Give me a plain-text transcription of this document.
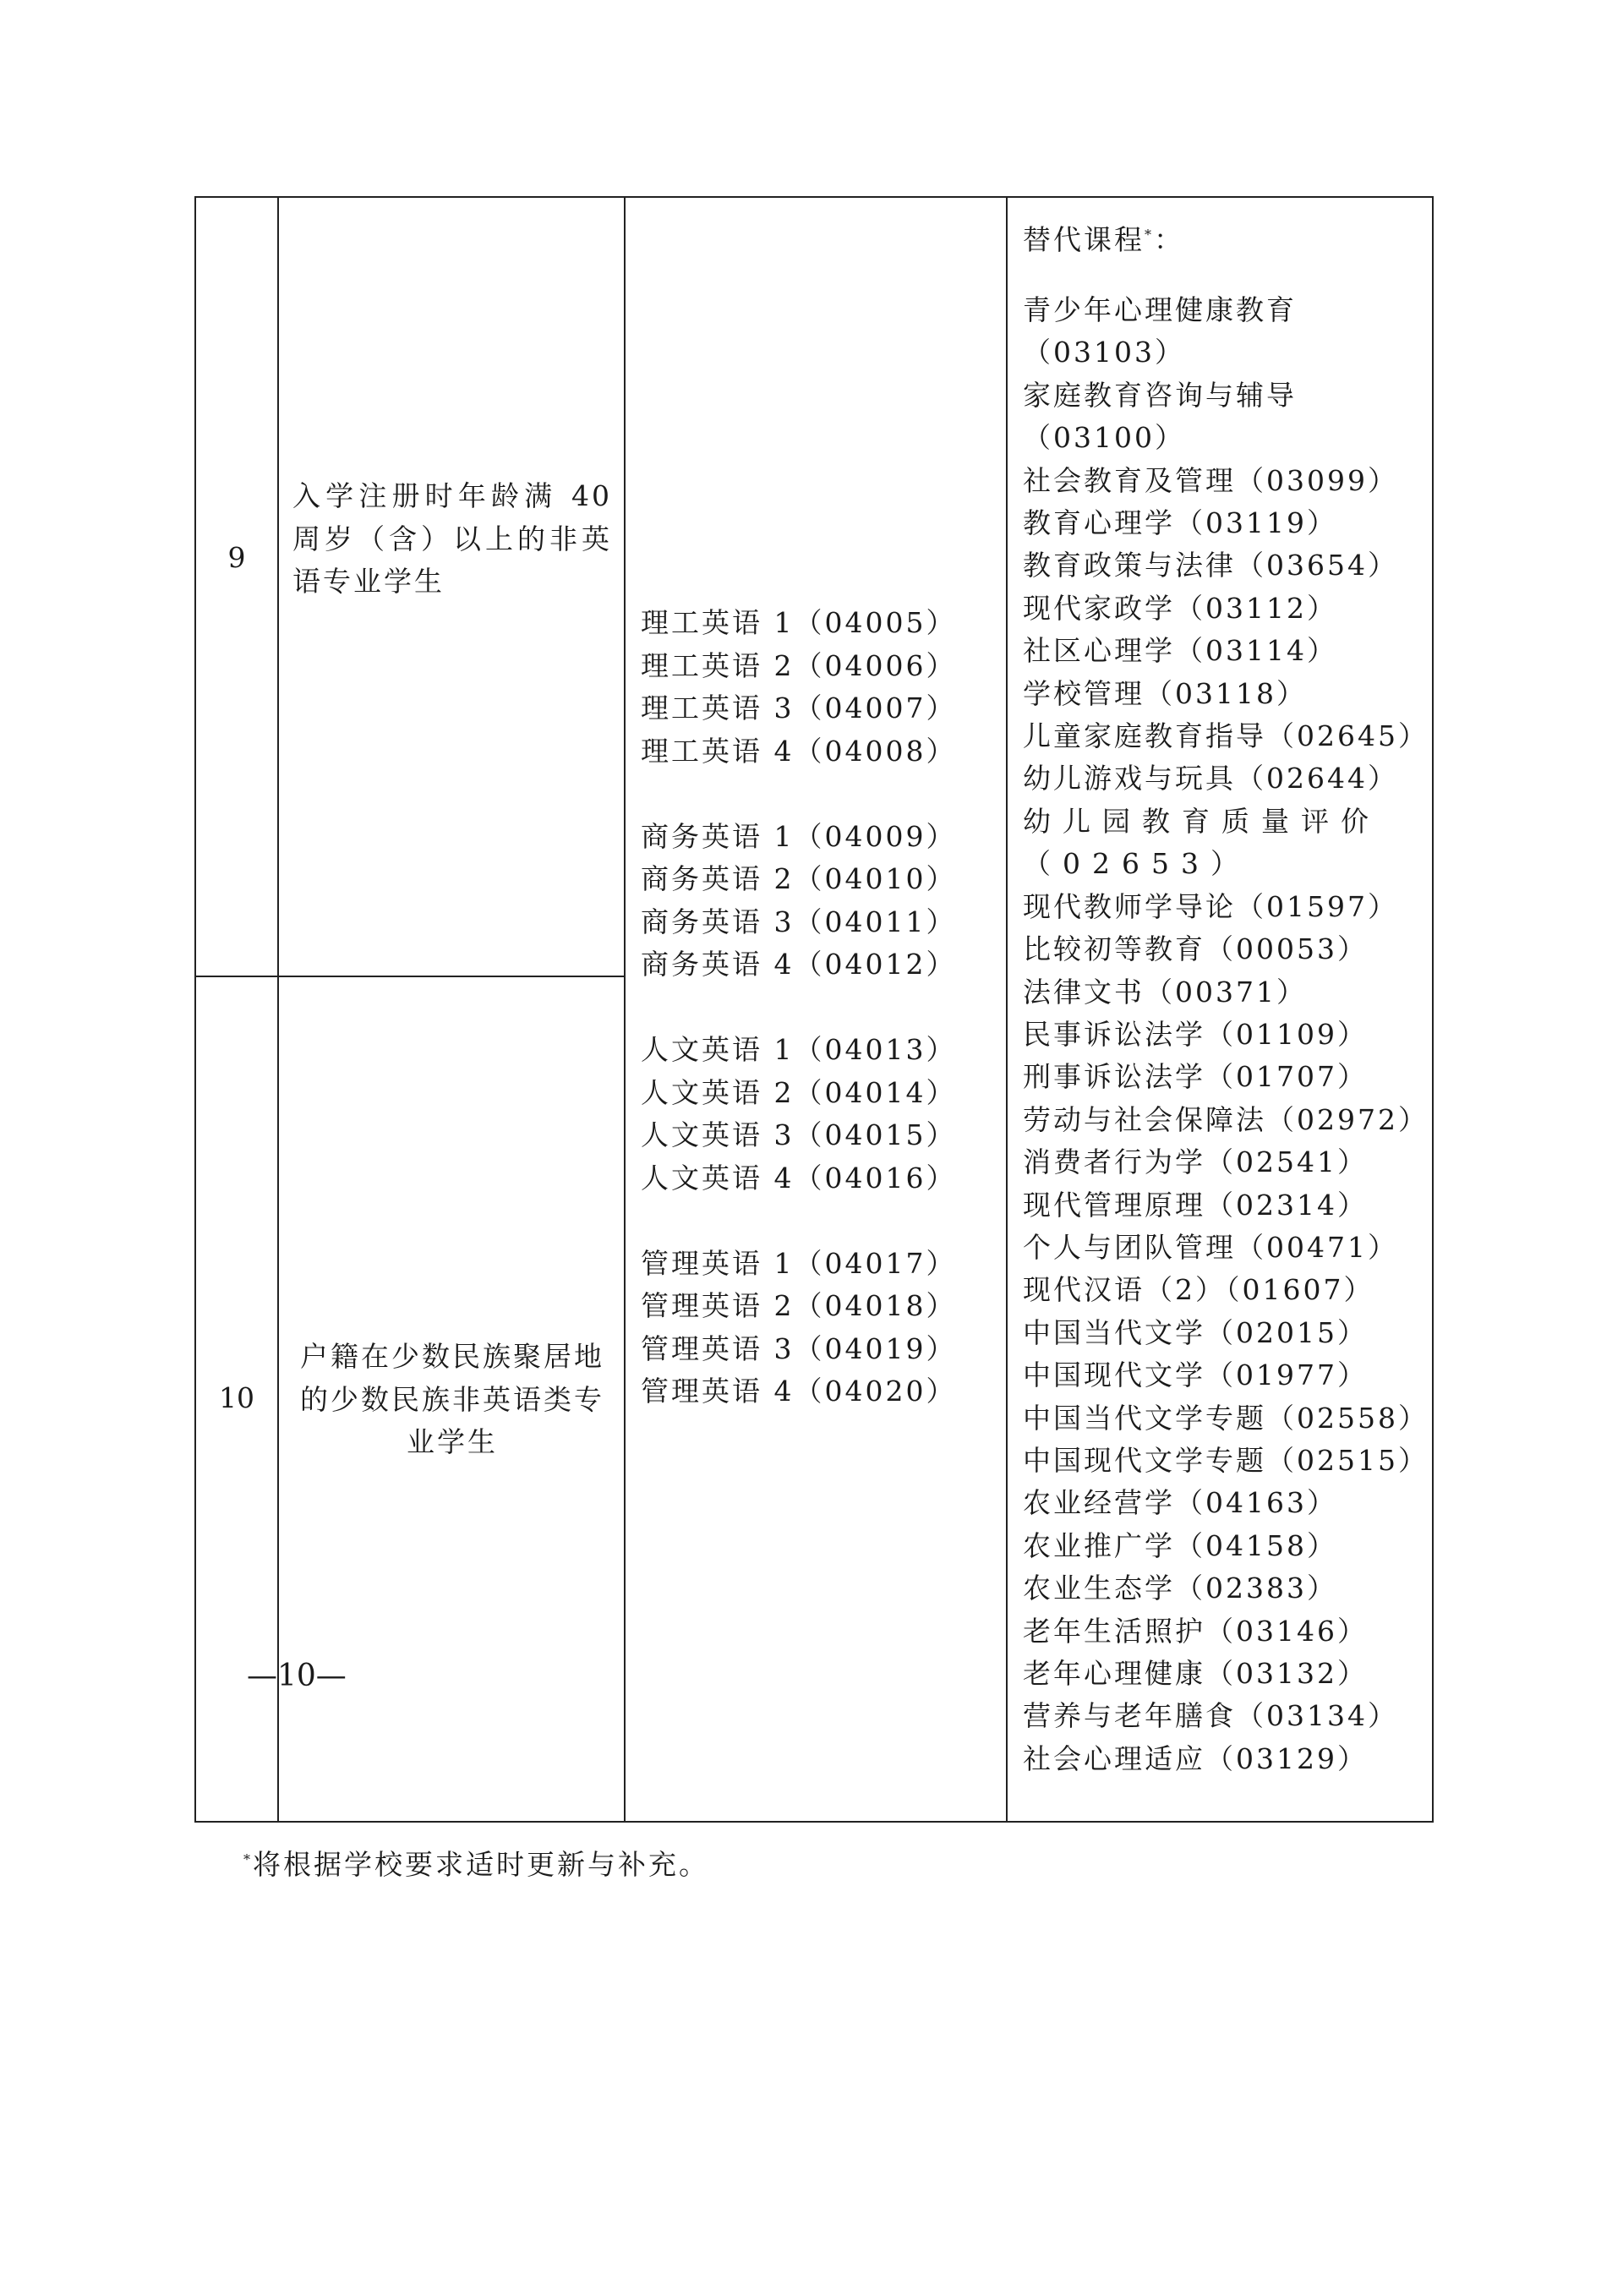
9
入学注册时年龄满 40 周岁（含）以上的非英语专业学生
10
户籍在少数民族聚居地的少数民族非英语类专业学生
理工英语 1（04005）
理工英语 2（04006）
理工英语 3（04007）
理工英语 4（04008）
商务英语 1（04009）
商务英语 2（04010）
商务英语 3（04011）
商务英语 4（04012）
人文英语 1（04013）
人文英语 2（04014）
人文英语 3（04015）
人文英语 4（04016）
管理英语 1（04017）
管理英语 2（04018）
管理英语 3（04019）
管理英语 4（04020）
替代课程*：
青少年心理健康教育（03103）
家庭教育咨询与辅导（03100）
社会教育及管理（03099）
教育心理学（03119）
教育政策与法律（03654）
现代家政学（03112）
社区心理学（03114）
学校管理（03118）
儿童家庭教育指导（02645）
幼儿游戏与玩具（02644）
幼儿园教育质量评价（02653）
现代教师学导论（01597）
比较初等教育（00053）
法律文书（00371）
民事诉讼法学（01109）
刑事诉讼法学（01707）
劳动与社会保障法（02972）
消费者行为学（02541）
现代管理原理（02314）
个人与团队管理（00471）
现代汉语（2）（01607）
中国当代文学（02015）
中国现代文学（01977）
中国当代文学专题（02558）
中国现代文学专题（02515）
农业经营学（04163）
农业推广学（04158）
农业生态学（02383）
老年生活照护（03146）
老年心理健康（03132）
营养与老年膳食（03134）
社会心理适应（03129）
*将根据学校要求适时更新与补充。
—10—
